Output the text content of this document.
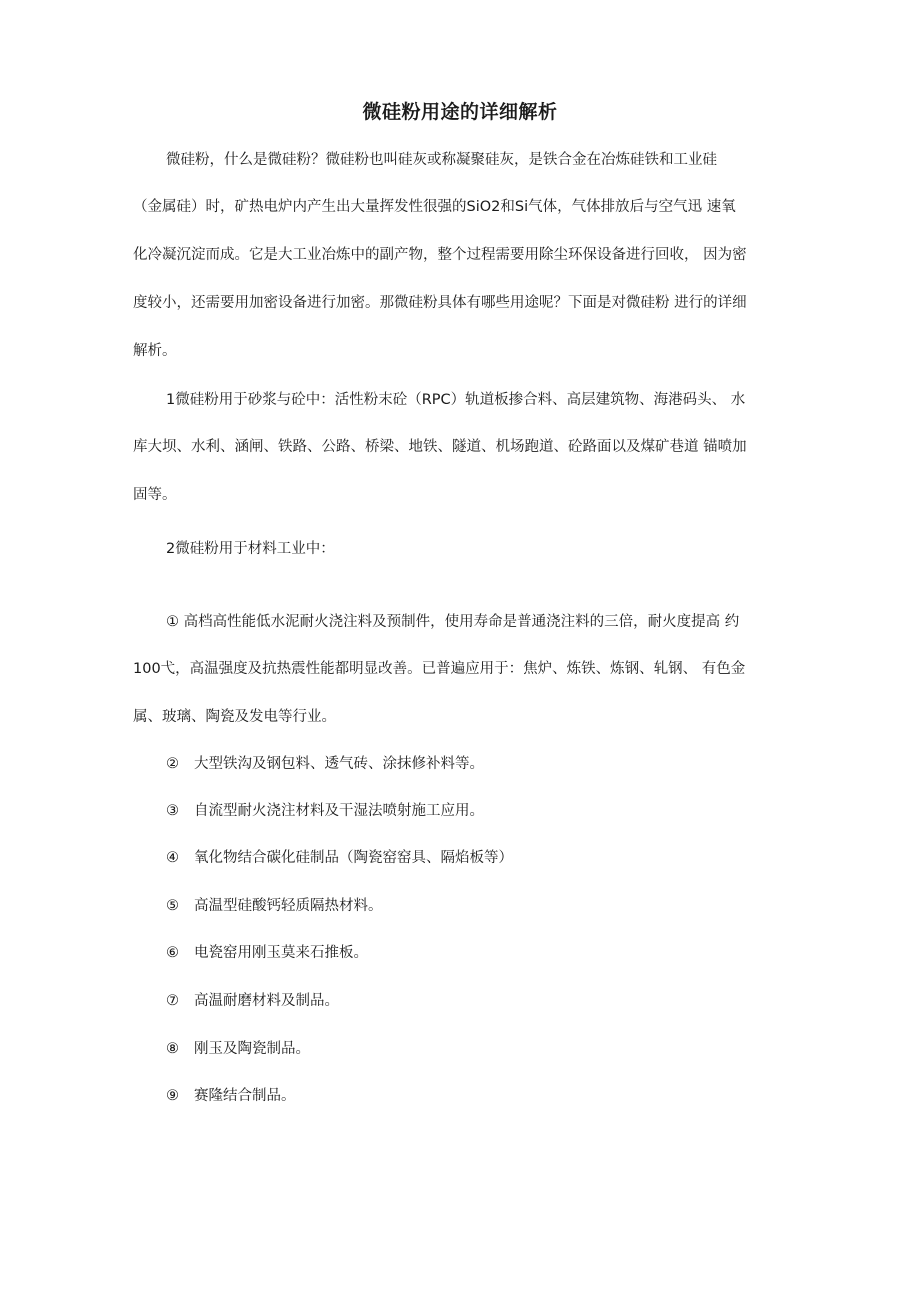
微硅粉用途的详细解析
微硅粉，什么是微硅粉？微硅粉也叫硅灰或称凝聚硅灰，是铁合金在冶炼硅铁和工业硅
（金属硅）时，矿热电炉内产生出大量挥发性很强的SiO2和Si气体，气体排放后与空气迅 速氧
化冷凝沉淀而成。它是大工业冶炼中的副产物，整个过程需要用除尘环保设备进行回收， 因为密
度较小，还需要用加密设备进行加密。那微硅粉具体有哪些用途呢？下面是对微硅粉 进行的详细
解析。
1微硅粉用于砂浆与砼中：活性粉末砼（RPC）轨道板掺合料、高层建筑物、海港码头、 水
库大坝、水利、涵闸、铁路、公路、桥梁、地铁、隧道、机场跑道、砼路面以及煤矿巷道 锚喷加
固等。
2微硅粉用于材料工业中：
① 高档高性能低水泥耐火浇注料及预制件，使用寿命是普通浇注料的三倍，耐火度提高 约
100弋，高温强度及抗热震性能都明显改善。已普遍应用于：焦炉、炼铁、炼钢、轧钢、 有色金
属、玻璃、陶瓷及发电等行业。
② 大型铁沟及钢包料、透气砖、涂抹修补料等。
③ 自流型耐火浇注材料及干湿法喷射施工应用。
④ 氧化物结合碳化硅制品（陶瓷窑窑具、隔焰板等）
⑤ 高温型硅酸钙轻质隔热材料。
⑥ 电瓷窑用刚玉莫来石推板。
⑦ 高温耐磨材料及制品。
⑧ 刚玉及陶瓷制品。
⑨ 赛隆结合制品。
